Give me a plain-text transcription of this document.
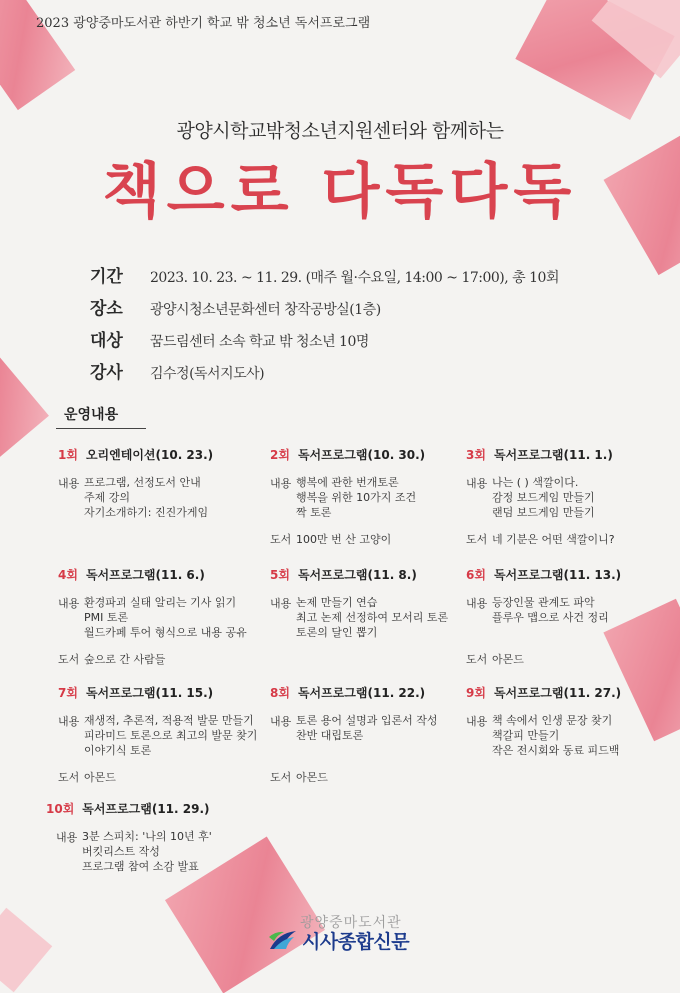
2023 광양중마도서관 하반기 학교 밖 청소년 독서프로그램
광양시학교밖청소년지원센터와 함께하는
책으로 다독다독
기간	2023. 10. 23. ~ 11. 29. (매주 월·수요일, 14:00 ~ 17:00), 총 10회
장소	광양시청소년문화센터 창작공방실(1층)
대상	꿈드림센터 소속 학교 밖 청소년 10명
강사	김수정(독서지도사)
운영내용
1회 오리엔테이션(10. 23.)
내용 프로그램, 선정도서 안내
주제 강의
자기소개하기: 진진가게임
2회 독서프로그램(10. 30.)
내용 행복에 관한 번개토론
행복을 위한 10가지 조건
짝 토론
도서 100만 번 산 고양이
3회 독서프로그램(11. 1.)
내용 나는 ( ) 색깔이다.
감정 보드게임 만들기
랜덤 보드게임 만들기
도서 네 기분은 어떤 색깔이니?
4회 독서프로그램(11. 6.)
내용 환경파괴 실태 알리는 기사 읽기
PMI 토론
월드카페 투어 형식으로 내용 공유
도서 숲으로 간 사람들
5회 독서프로그램(11. 8.)
내용 논제 만들기 연습
최고 논제 선정하여 모서리 토론
토론의 달인 뽑기
6회 독서프로그램(11. 13.)
내용 등장인물 관계도 파악
플루우 맵으로 사건 정리
도서 아몬드
7회 독서프로그램(11. 15.)
내용 재생적, 추론적, 적용적 발문 만들기
피라미드 토론으로 최고의 발문 찾기
이야기식 토론
도서 아몬드
8회 독서프로그램(11. 22.)
내용 토론 용어 설명과 입론서 작성
찬반 대립토론
도서 아몬드
9회 독서프로그램(11. 27.)
내용 책 속에서 인생 문장 찾기
책갈피 만들기
작은 전시회와 동료 피드백
10회 독서프로그램(11. 29.)
내용 3분 스피치: '나의 10년 후'
버킷리스트 작성
프로그램 참여 소감 발표
광양중마도서관
시사종합신문
